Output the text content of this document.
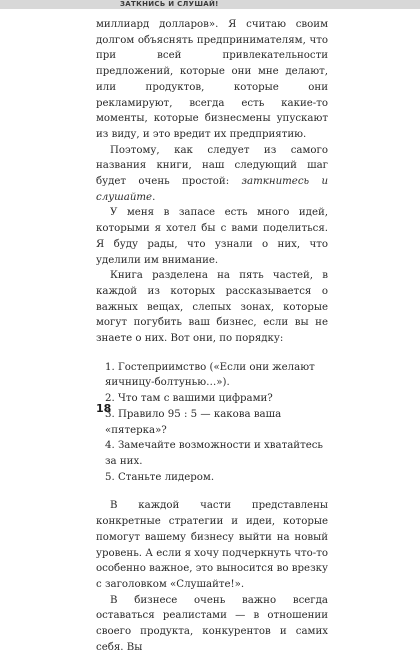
ЗАТКНИСЬ И СЛУШАЙ!

миллиард долларов». Я считаю своим долгом объяснять предпринимателям, что при всей привлекательности предложений, которые они мне делают, или продуктов, которые они рекламируют, всегда есть какие-то моменты, которые бизнесмены упускают из виду, и это вредит их предприятию.

Поэтому, как следует из самого названия книги, наш следующий шаг будет очень простой: заткнитесь и слушайте.

У меня в запасе есть много идей, которыми я хотел бы с вами поделиться. Я буду рады, что узнали о них, что уделили им внимание.

Книга разделена на пять частей, в каждой из которых рассказывается о важных вещах, слепых зонах, которые могут погубить ваш бизнес, если вы не знаете о них. Вот они, по порядку:

1. Гостеприимство («Если они желают яичницу-болтунью…»).
2. Что там с вашими цифрами?
3. Правило 95 : 5 — какова ваша «пятерка»?
4. Замечайте возможности и хватайтесь за них.
5. Станьте лидером.

В каждой части представлены конкретные стратегии и идеи, которые помогут вашему бизнесу выйти на новый уровень. А если я хочу подчеркнуть что-то особенно важное, это выносится во врезку с заголовком «Слушайте!».

В бизнесе очень важно всегда оставаться реалистами — в отношении своего продукта, конкурентов и самих себя. Вы

18
